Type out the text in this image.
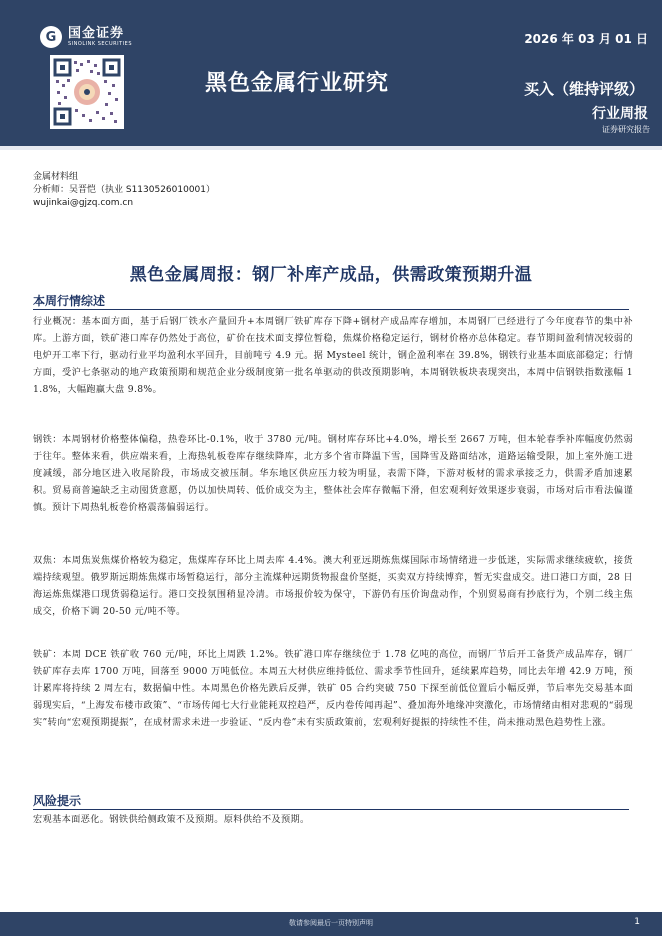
G 国金证券
SINOLINK SECURITIES	2026 年 03 月 01 日
黑色金属行业研究	买入（维持评级）
行业周报
证券研究报告
金属材料组
分析师：吴晋恺（执业 S1130526010001）
wujinkai@gjzq.com.cn
黑色金属周报：钢厂补库产成品，供需政策预期升温
本周行情综述
行业概况：基本面方面，基于后钢厂铁水产量回升+本周钢厂铁矿库存下降+钢材产成品库存增加，本周钢厂已经进行了今年度春节的集中补库。上游方面，铁矿港口库存仍然处于高位，矿价在技术面支撑位暂稳，焦煤价格稳定运行，钢材价格亦总体稳定。春节期间盈利情况较弱的电炉开工率下行，驱动行业平均盈利水平回升，目前吨亏 4.9 元。据 Mysteel 统计，钢企盈利率在 39.8%，钢铁行业基本面底部稳定；行情方面，受沪七条驱动的地产政策预期和规范企业分级制度第一批名单驱动的供改预期影响，本周钢铁板块表现突出，本周中信钢铁指数涨幅 11.8%，大幅跑赢大盘 9.8%。
钢铁：本周钢材价格整体偏稳，热卷环比-0.1%，收于 3780 元/吨。钢材库存环比+4.0%，增长至 2667 万吨，但本轮春季补库幅度仍然弱于往年。整体来看，供应端来看，上海热轧板卷库存继续降库，北方多个省市降温下雪，国降雪及路面结冰，道路运输受限，加上室外施工进度减缓，部分地区进入收尾阶段，市场成交被压制。华东地区供应压力较为明显，表需下降，下游对板材的需求承接乏力，供需矛盾加速累积。贸易商普遍缺乏主动囤货意愿，仍以加快周转、低价成交为主，整体社会库存微幅下滑，但宏观利好效果逐步衰弱，市场对后市看法偏谨慎。预计下周热轧板卷价格震荡偏弱运行。
双焦：本周焦炭焦煤价格较为稳定，焦煤库存环比上周去库 4.4%。澳大利亚远期炼焦煤国际市场情绪进一步低迷，实际需求继续疲软，接货端持续观望。俄罗斯远期炼焦煤市场暂稳运行，部分主流煤种远期货物报盘价坚挺，买卖双方持续博弈，暂无实盘成交。进口港口方面，28 日海运炼焦煤港口现货弱稳运行。港口交投氛围稍显冷清。市场报价较为保守，下游仍有压价询盘动作，个别贸易商有抄底行为，个别二线主焦成交，价格下调 20-50 元/吨不等。
铁矿：本周 DCE 铁矿收 760 元/吨，环比上周跌 1.2%。铁矿港口库存继续位于 1.78 亿吨的高位，而钢厂节后开工备货产成品库存，钢厂铁矿库存去库 1700 万吨，回落至 9000 万吨低位。本周五大材供应维持低位、需求季节性回升，延续累库趋势，同比去年增 42.9 万吨，预计累库将持续 2 周左右，数据偏中性。本周黑色价格先跌后反弹，铁矿 05 合约突破 750 下探至前低位置后小幅反弹，节后率先交易基本面弱现实后，“上海发布楼市政策”、“市场传闻七大行业能耗双控趋严，反内卷传闻再起”、叠加海外地缘冲突激化，市场情绪由相对悲观的“弱现实”转向“宏观预期提振”，在成材需求未进一步验证、“反内卷”未有实质政策前，宏观利好提振的持续性不佳，尚未推动黑色趋势性上涨。
风险提示
宏观基本面恶化。钢铁供给侧政策不及预期。原料供给不及预期。
敬请参阅最后一页特别声明	1
